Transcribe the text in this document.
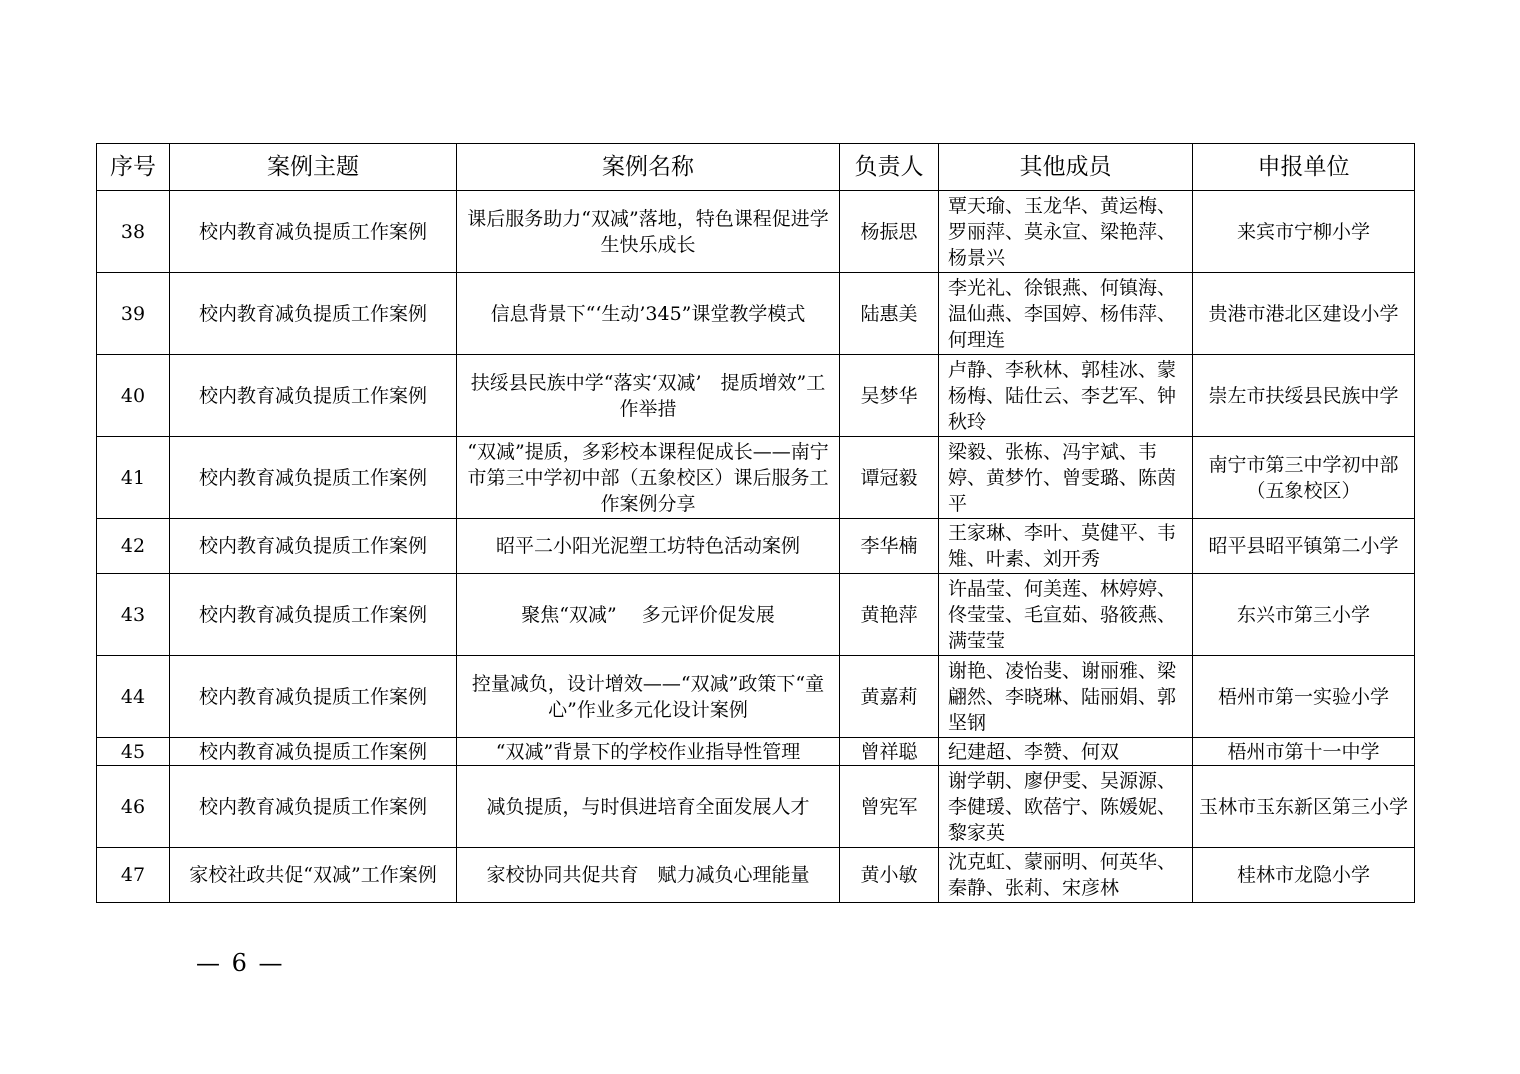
序号	案例主题	案例名称	负责人	其他成员	申报单位
38	校内教育减负提质工作案例	课后服务助力“双减”落地，特色课程促进学生快乐成长	杨振思	覃天瑜、玉龙华、黄运梅、罗丽萍、莫永宣、梁艳萍、杨景兴	来宾市宁柳小学
39	校内教育减负提质工作案例	信息背景下“‘生动’345”课堂教学模式	陆惠美	李光礼、徐银燕、何镇海、温仙燕、李国婷、杨伟萍、何理连	贵港市港北区建设小学
40	校内教育减负提质工作案例	扶绥县民族中学“落实‘双减’　提质增效”工作举措	吴梦华	卢静、李秋林、郭桂冰、蒙杨梅、陆仕云、李艺军、钟秋玲	崇左市扶绥县民族中学
41	校内教育减负提质工作案例	“双减”提质，多彩校本课程促成长——南宁市第三中学初中部（五象校区）课后服务工作案例分享	谭冠毅	梁毅、张栋、冯宇斌、韦婷、黄梦竹、曾雯璐、陈茵平	南宁市第三中学初中部（五象校区）
42	校内教育减负提质工作案例	昭平二小阳光泥塑工坊特色活动案例	李华楠	王家琳、李叶、莫健平、韦雉、叶素、刘开秀	昭平县昭平镇第二小学
43	校内教育减负提质工作案例	聚焦“双减”　 多元评价促发展	黄艳萍	许晶莹、何美莲、林婷婷、佟莹莹、毛宣茹、骆筱燕、满莹莹	东兴市第三小学
44	校内教育减负提质工作案例	控量减负，设计增效——“双减”政策下“童心”作业多元化设计案例	黄嘉莉	谢艳、凌怡斐、谢丽雅、梁翩然、李晓琳、陆丽娟、郭坚钢	梧州市第一实验小学
45	校内教育减负提质工作案例	“双减”背景下的学校作业指导性管理	曾祥聪	纪建超、李赞、何双	梧州市第十一中学
46	校内教育减负提质工作案例	减负提质，与时俱进培育全面发展人才	曾宪军	谢学朝、廖伊雯、吴源源、李健瑗、欧蓓宁、陈媛妮、黎家英	玉林市玉东新区第三小学
47	家校社政共促“双减”工作案例	家校协同共促共育　赋力减负心理能量	黄小敏	沈克虹、蒙丽明、何英华、秦静、张莉、宋彦林	桂林市龙隐小学
— 6 —
